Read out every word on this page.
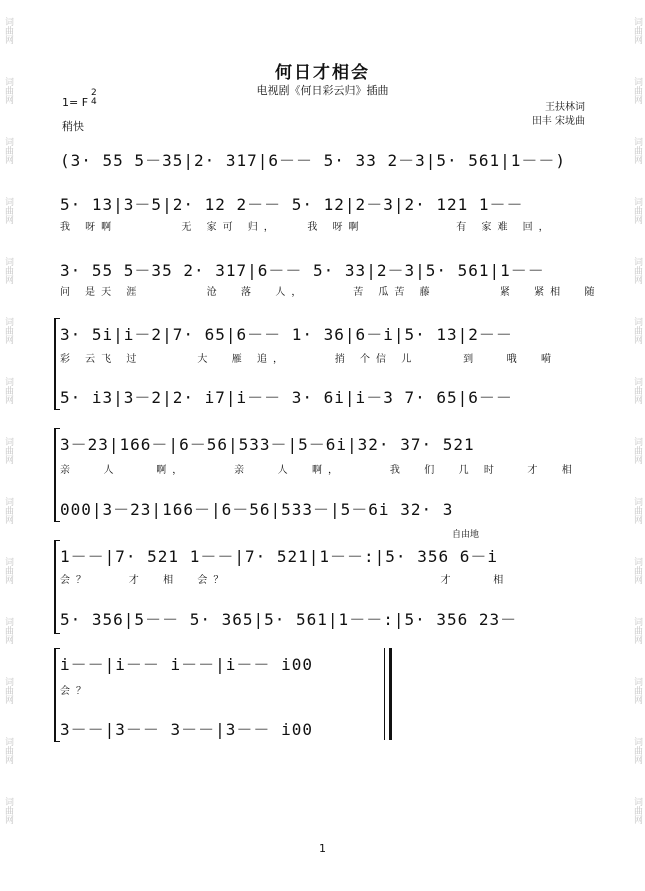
词曲网
词曲网
词曲网
词曲网
词曲网
词曲网
词曲网
词曲网
词曲网
词曲网
词曲网
词曲网
词曲网
词曲网
词曲网
词曲网
词曲网
词曲网
词曲网
词曲网
词曲网
词曲网
词曲网
词曲网
词曲网
词曲网
词曲网
词曲网
何日才相会
电视剧《何日彩云归》插曲
1= F
2
4
稍快
王扶林词
田丰 宋垅曲
(3· 55 5－35|2· 317|6－－ 5· 33 2－3|5· 561|1－－)
5· 13|3－5|2· 12 2－－ 5· 12|2－3|2· 121 1－－
我 呀啊       无 家可 归，   我 呀啊          有 家难 回，
3· 55 5－35 2· 317|6－－ 5· 33|2－3|5· 561|1－－
问 是天 涯       沧  落  人，     苦 瓜苦 藤       紧  紧相  随
3· 5i|i－2|7· 65|6－－ 1· 36|6－i|5· 13|2－－
彩 云飞 过      大  雁 追，     捎 个信 儿     到   哦  嗬
5· i3|3－2|2· i7|i－－ 3· 6i|i－3 7· 65|6－－
3－23|166－|6－56|533－|5－6i|32· 37· 521
亲   人    啊，     亲   人  啊，     我  们  几 时   才  相
000|3－23|166－|6－56|533－|5－6i 32· 3
自由地
1－－|7· 521 1－－|7· 521|1－－:|5· 356 6－i
会？    才  相  会？                       才    相
5· 356|5－－ 5· 365|5· 561|1－－:|5· 356 23－
i－－|i－－ i－－|i－－ i00
会？
3－－|3－－ 3－－|3－－ i00
1
